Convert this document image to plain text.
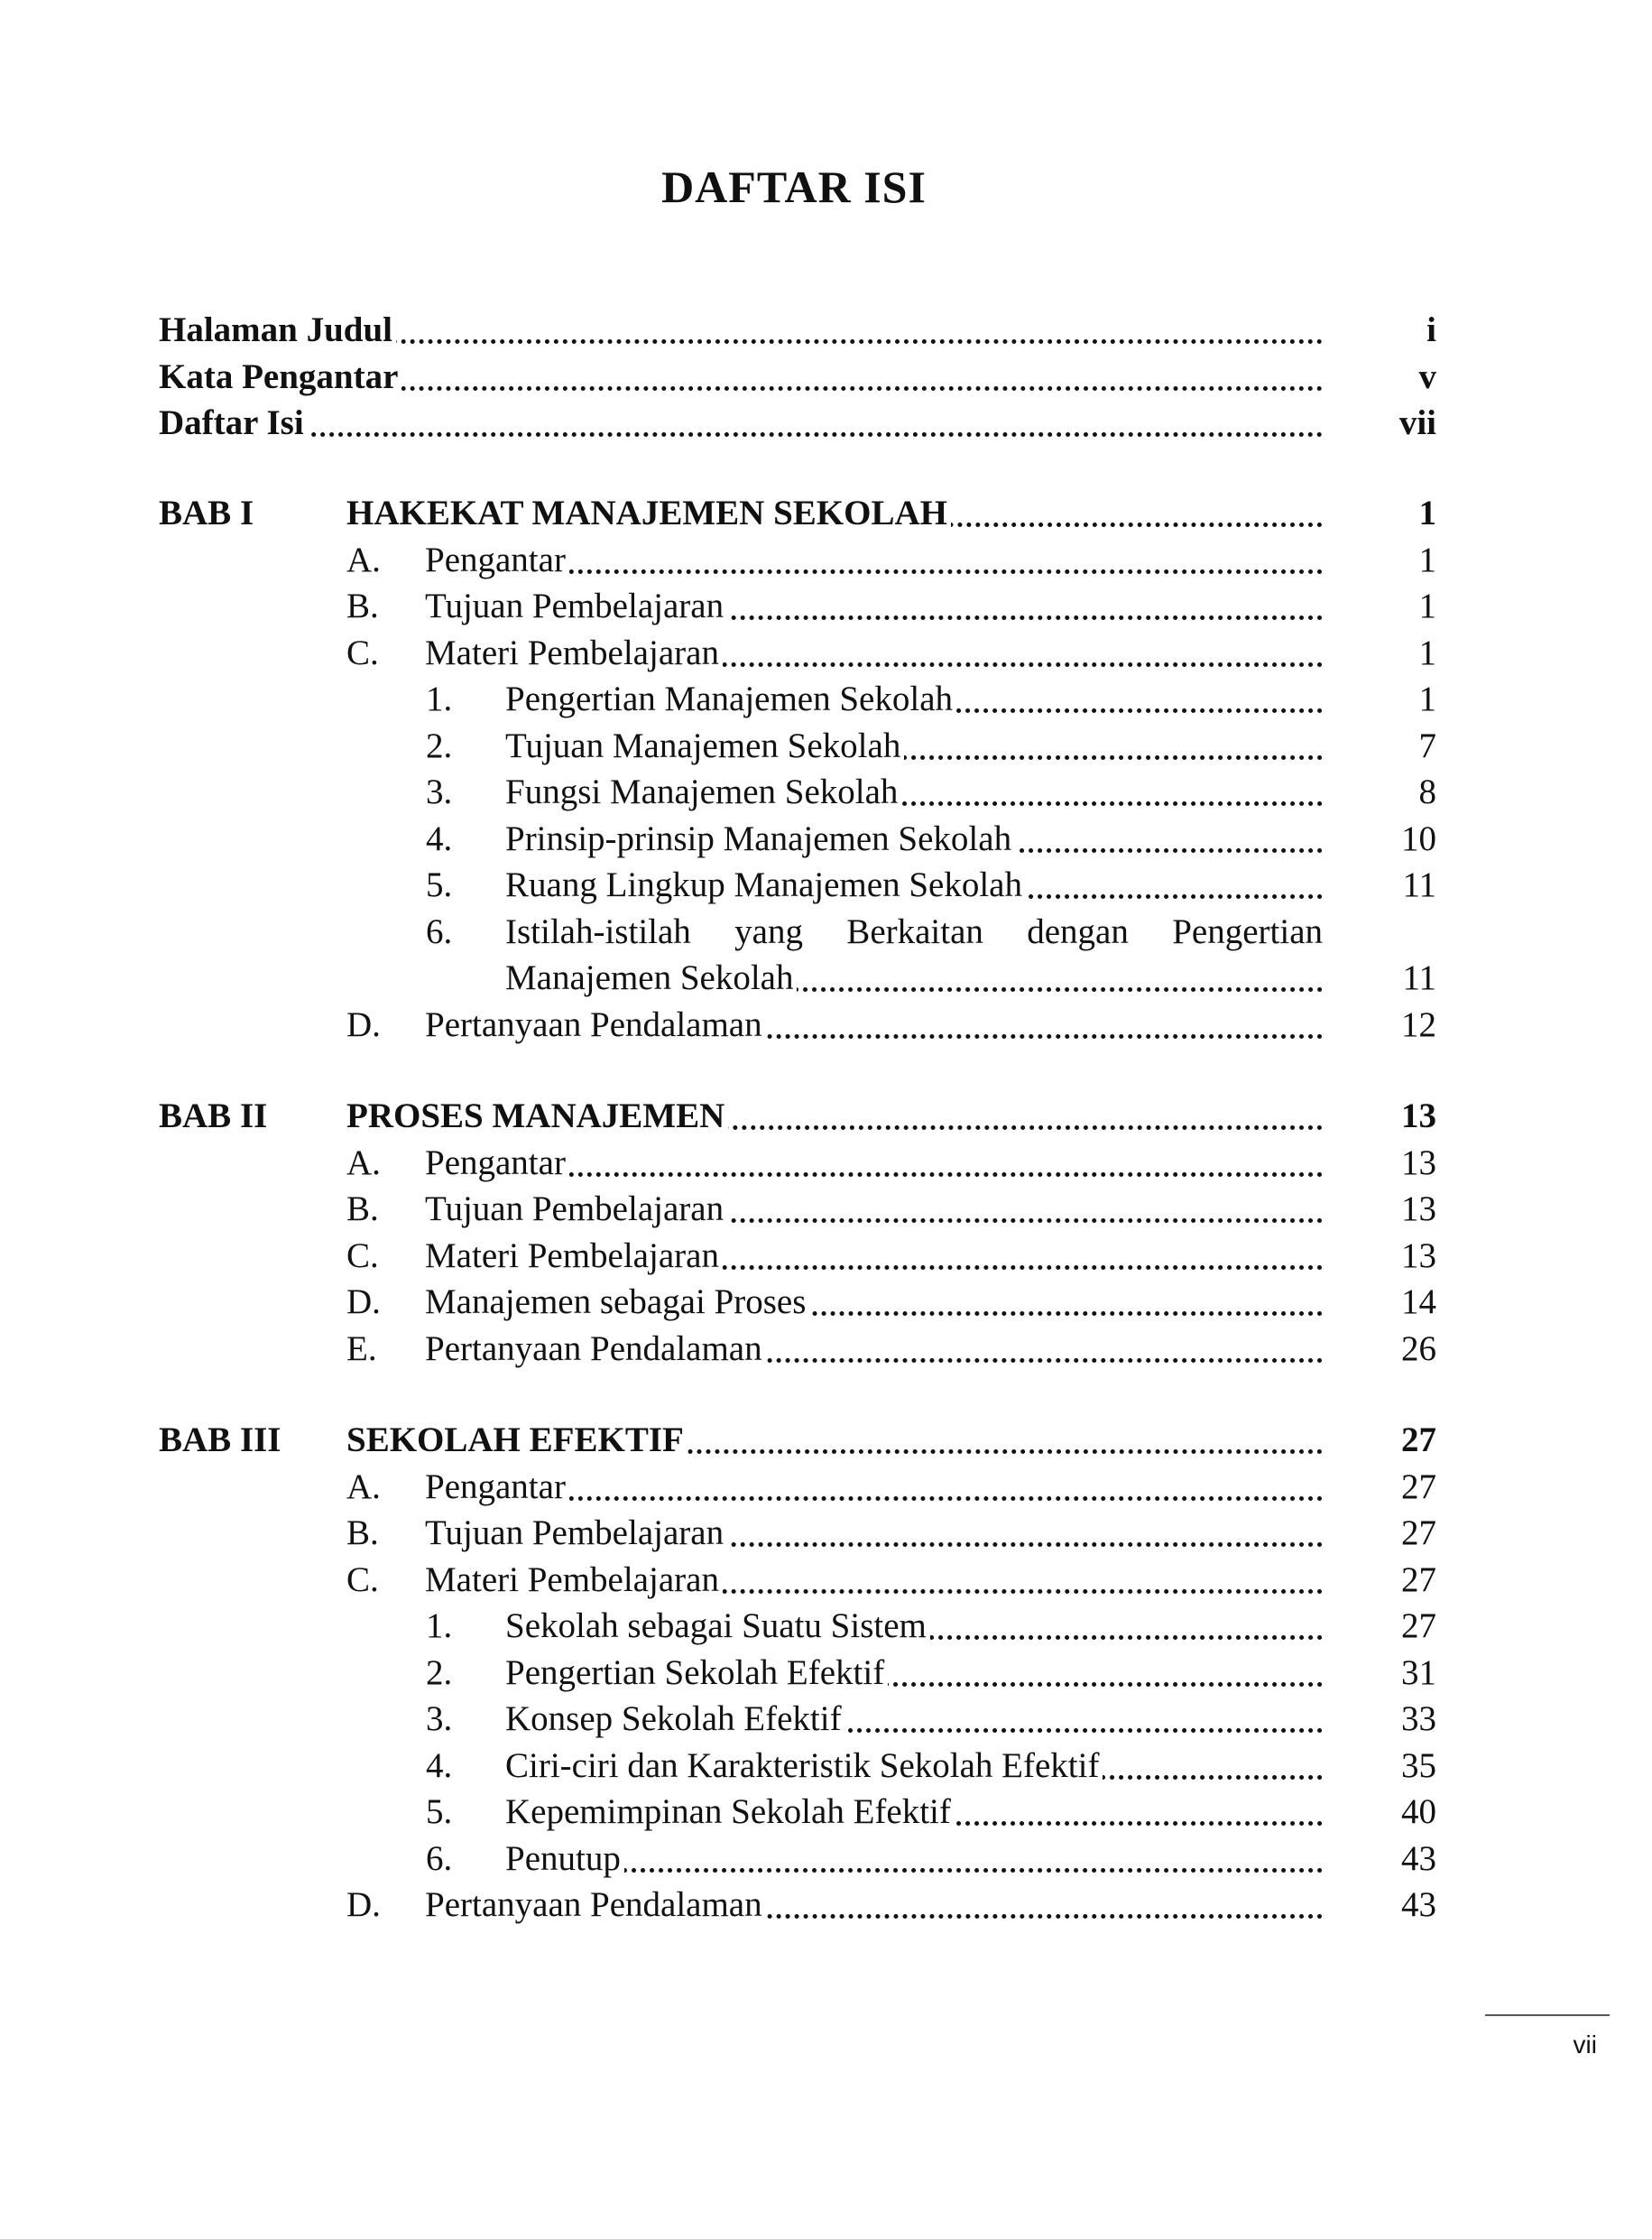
DAFTAR ISI
Halaman Judul	i
Kata Pengantar	v
Daftar Isi	vii
BAB I	HAKEKAT MANAJEMEN SEKOLAH	1
A. Pengantar	1
B. Tujuan Pembelajaran	1
C. Materi Pembelajaran	1
1. Pengertian Manajemen Sekolah	1
2. Tujuan Manajemen Sekolah	7
3. Fungsi Manajemen Sekolah	8
4. Prinsip-prinsip Manajemen Sekolah	10
5. Ruang Lingkup Manajemen Sekolah	11
6. Istilah-istilah yang Berkaitan dengan Pengertian
Manajemen Sekolah	11
D. Pertanyaan Pendalaman	12
BAB II PROSES MANAJEMEN	13
A. Pengantar	13
B. Tujuan Pembelajaran	13
C. Materi Pembelajaran	13
D. Manajemen sebagai Proses	14
E. Pertanyaan Pendalaman	26
BAB III SEKOLAH EFEKTIF	27
A. Pengantar	27
B. Tujuan Pembelajaran	27
C. Materi Pembelajaran	27
1. Sekolah sebagai Suatu Sistem	27
2. Pengertian Sekolah Efektif	31
3. Konsep Sekolah Efektif	33
4. Ciri-ciri dan Karakteristik Sekolah Efektif	35
5. Kepemimpinan Sekolah Efektif	40
6. Penutup	43
D. Pertanyaan Pendalaman	43
vii
